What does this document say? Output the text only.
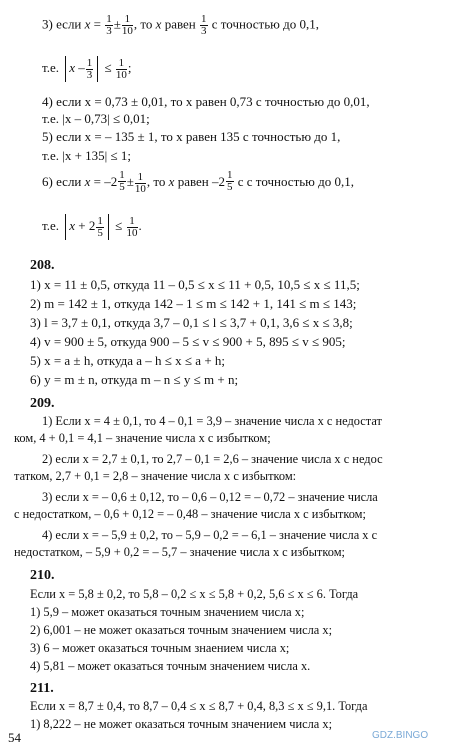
3) если $x = \frac{1}{3} \pm \frac{1}{10}$ , то x равен $\frac{1}{3}$ с точностью до 0,1,
т.е. $x - \frac{1}{3} \le \frac{1}{10}$ ;
4) если x = 0,73 ± 0,01, то x равен 0,73 с точностью до 0,01,
т.е. |x – 0,73| ≤ 0,01;
5) если x = – 135 ± 1, то x равен 135 с точностью до 1,
т.е. |x + 135| ≤ 1;
6) если $x = -2 \frac{1}{5} \pm \frac{1}{10}$ , то x равен $-2 \frac{1}{5}$ c с точностью до 0,1,
т.е. $x + 2 \frac{1}{5} \le \frac{1}{10}$ .
208.
1) x = 11 ± 0,5, откуда 11 – 0,5 ≤ x ≤ 11 + 0,5, 10,5 ≤ x ≤ 11,5;
2) m = 142 ± 1, откуда 142 – 1 ≤ m ≤ 142 + 1, 141 ≤ m ≤ 143;
3) l = 3,7 ± 0,1, откуда 3,7 – 0,1 ≤ l ≤ 3,7 + 0,1, 3,6 ≤ x ≤ 3,8;
4) v = 900 ± 5, откуда 900 – 5 ≤ v ≤ 900 + 5, 895 ≤ v ≤ 905;
5) x = a ± h, откуда a – h ≤ x ≤ a + h;
6) y = m ± n, откуда m – n ≤ y ≤ m + n;
209.
1) Если x = 4 ± 0,1, то 4 – 0,1 = 3,9 – значение числа x с недостат
ком, 4 + 0,1 = 4,1 – значение числа x с избытком;
2) если x = 2,7 ± 0,1, то 2,7 – 0,1 = 2,6 – значение числа x с недос
татком, 2,7 + 0,1 = 2,8 – значение числа x с избытком:
3) если x = – 0,6 ± 0,12, то – 0,6 – 0,12 = – 0,72 – значение числа
с недостатком, – 0,6 + 0,12 = – 0,48 – значение числа x с избытком;
4) если x = – 5,9 ± 0,2, то – 5,9 – 0,2 = – 6,1 – значение числа x с
недостатком, – 5,9 + 0,2 = – 5,7 – значение числа x с избытком;
210.
Если x = 5,8 ± 0,2, то 5,8 – 0,2 ≤ x ≤ 5,8 + 0,2, 5,6 ≤ x ≤ 6. Тогда
1) 5,9 – может оказаться точным значением числа x;
2) 6,001 – не может оказаться точным значением числа x;
3) 6 – может оказаться точным знаением числа x;
4) 5,81 – может оказаться точным значением числа x.
211.
Если x = 8,7 ± 0,4, то 8,7 – 0,4 ≤ x ≤ 8,7 + 0,4, 8,3 ≤ x ≤ 9,1. Тогда
1) 8,222 – не может оказаться точным значением числа x;
54	GDZ.BINGO
